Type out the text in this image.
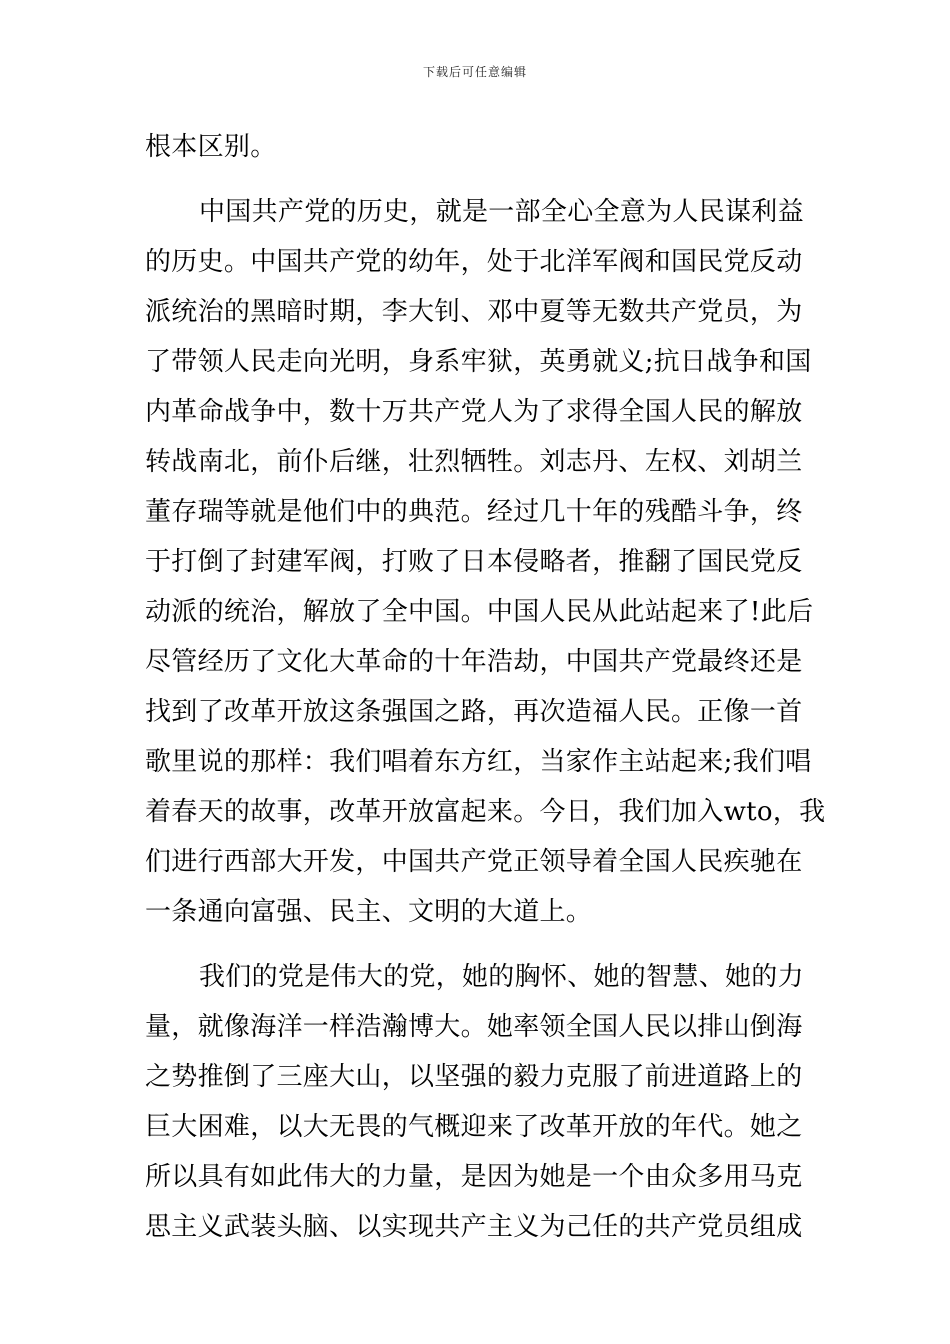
下载后可任意编辑
根本区别。
中国共产党的历史，就是一部全心全意为人民谋利益
的历史。中国共产党的幼年，处于北洋军阀和国民党反动
派统治的黑暗时期，李大钊、邓中夏等无数共产党员，为
了带领人民走向光明，身系牢狱，英勇就义;抗日战争和国
内革命战争中，数十万共产党人为了求得全国人民的解放
转战南北，前仆后继，壮烈牺牲。刘志丹、左权、刘胡兰
董存瑞等就是他们中的典范。经过几十年的残酷斗争，终
于打倒了封建军阀，打败了日本侵略者，推翻了国民党反
动派的统治，解放了全中国。中国人民从此站起来了!此后
尽管经历了文化大革命的十年浩劫，中国共产党最终还是
找到了改革开放这条强国之路，再次造福人民。正像一首
歌里说的那样：我们唱着东方红，当家作主站起来;我们唱
着春天的故事，改革开放富起来。今日，我们加入wto，我
们进行西部大开发，中国共产党正领导着全国人民疾驰在
一条通向富强、民主、文明的大道上。
我们的党是伟大的党，她的胸怀、她的智慧、她的力
量，就像海洋一样浩瀚博大。她率领全国人民以排山倒海
之势推倒了三座大山，以坚强的毅力克服了前进道路上的
巨大困难，以大无畏的气概迎来了改革开放的年代。她之
所以具有如此伟大的力量，是因为她是一个由众多用马克
思主义武装头脑、以实现共产主义为己任的共产党员组成
